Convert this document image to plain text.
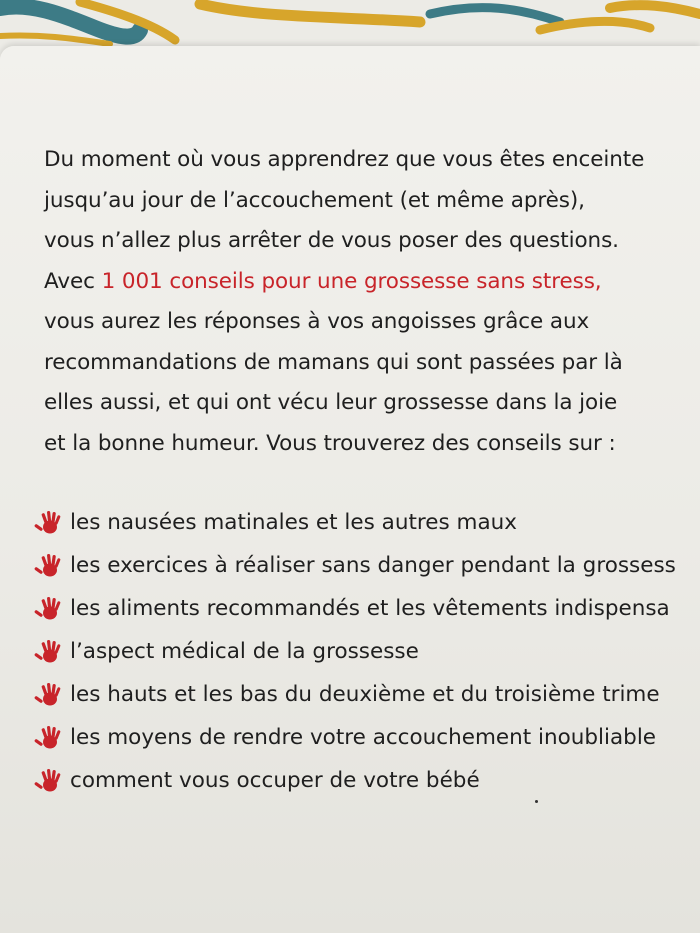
Du moment où vous apprendrez que vous êtes enceinte
jusqu’au jour de l’accouchement (et même après),
vous n’allez plus arrêter de vous poser des questions.
Avec 1 001 conseils pour une grossesse sans stress,
vous aurez les réponses à vos angoisses grâce aux
recommandations de mamans qui sont passées par là
elles aussi, et qui ont vécu leur grossesse dans la joie
et la bonne humeur. Vous trouverez des conseils sur :
les nausées matinales et les autres maux
les exercices à réaliser sans danger pendant la grossess
les aliments recommandés et les vêtements indispensa
l’aspect médical de la grossesse
les hauts et les bas du deuxième et du troisième trime
les moyens de rendre votre accouchement inoubliable
comment vous occuper de votre bébé
